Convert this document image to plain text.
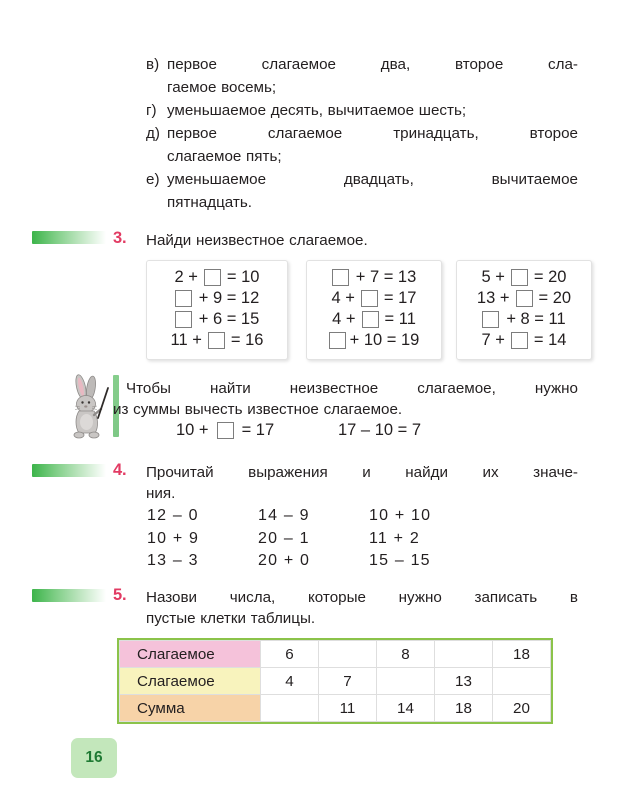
в) первое слагаемое два, второе сла-
гаемое восемь;
г) уменьшаемое десять, вычитаемое шесть;
д) первое слагаемое тринадцать, второе
слагаемое пять;
е) уменьшаемое двадцать, вычитаемое
пятнадцать.
3. Найди неизвестное слагаемое.
2 + = 10
+ 9 = 12
+ 6 = 15
11 + = 16
+ 7 = 13
4 + = 17
4 + = 11
+ 10 = 19
5 + = 20
13 + = 20
+ 8 = 11
7 + = 14
Чтобы найти неизвестное слагаемое, нужно
из суммы вычесть известное слагаемое.
10 + = 17	17 – 10 = 7
4. Прочитай выражения и найди их значе-
ния.
12 – 0	14 – 9	10 + 10
10 + 9	20 – 1	11 + 2
13 – 3	20 + 0	15 – 15
5. Назови числа, которые нужно записать в
пустые клетки таблицы.
Слагаемое	6		8		18
Слагаемое	4	7		13	
Сумма		11	14	18	20
16
